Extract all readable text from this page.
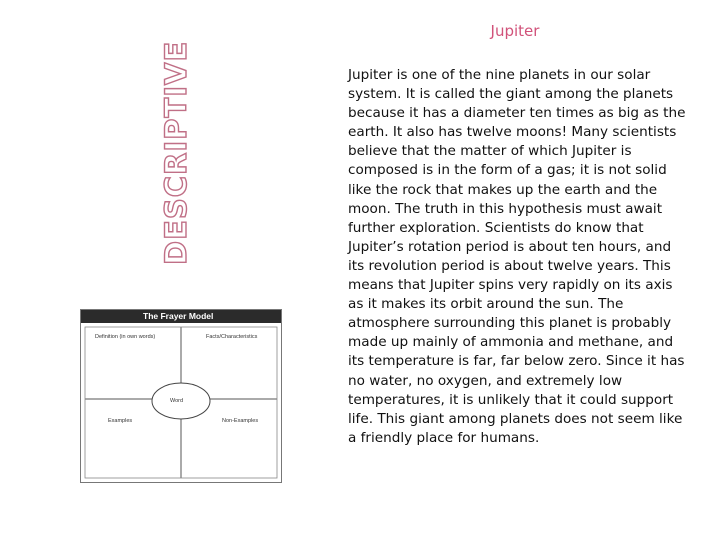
DESCRIPTIVE
Jupiter
Jupiter is one of the nine planets in our solar system. It is called the giant among the planets because it has a diameter ten times as big as the earth. It also has twelve moons! Many scientists believe that the matter of which Jupiter is composed is in the form of a gas; it is not solid like the rock that makes up the earth and the moon. The truth in this hypothesis must await further exploration. Scientists do know that Jupiter’s rotation period is about ten hours, and its revolution period is about twelve years. This means that Jupiter spins very rapidly on its axis as it makes its orbit around the sun. The atmosphere surrounding this planet is probably made up mainly of ammonia and methane, and its temperature is far, far below zero. Since it has no water, no oxygen, and extremely low temperatures, it is unlikely that it could support life. This giant among planets does not seem like a friendly place for humans.
The Frayer Model
Definition (in own words)	Facts/Characteristics
Word
Examples	Non-Examples
